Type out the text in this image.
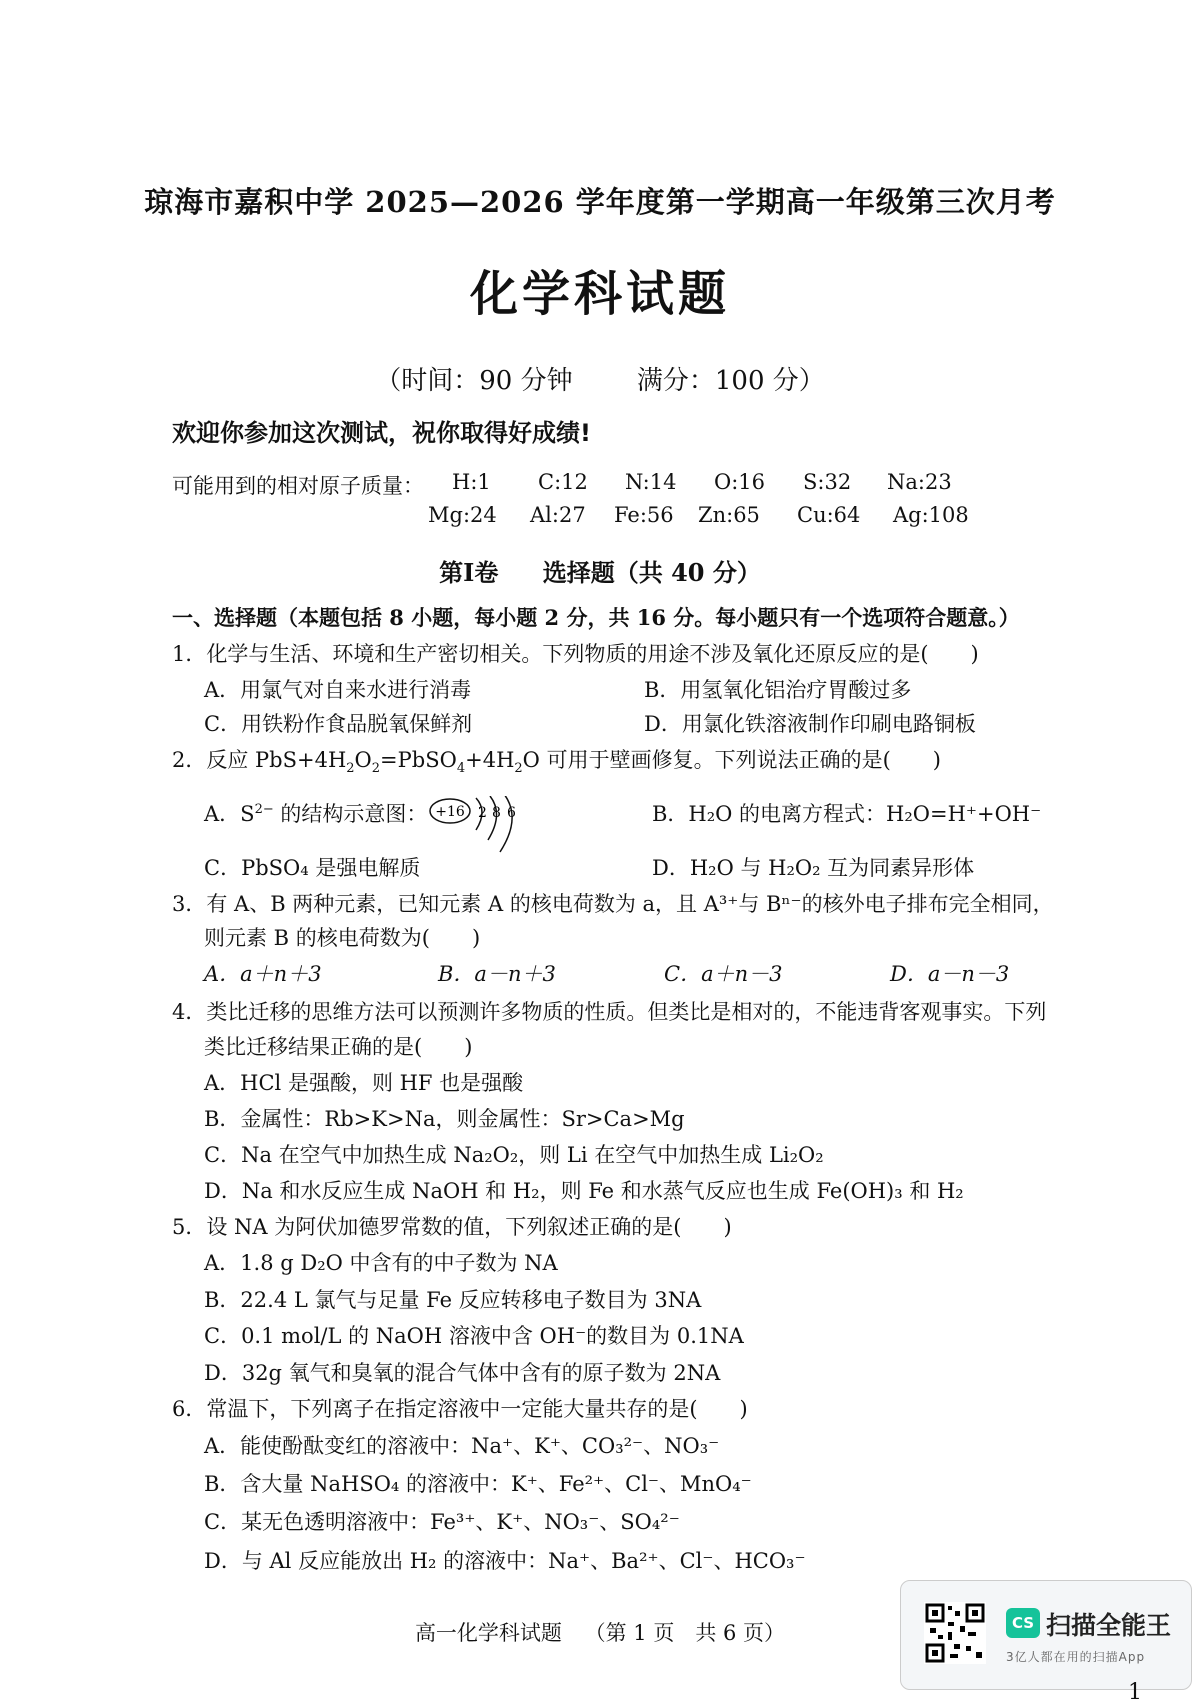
琼海市嘉积中学 2025—2026 学年度第一学期高一年级第三次月考
化学科试题
（时间：90 分钟 满分：100 分）
欢迎你参加这次测试，祝你取得好成绩!
可能用到的相对原子质量： H:1 C:12 N:14 O:16 S:32 Na:23
Mg:24 Al:27 Fe:56 Zn:65 Cu:64 Ag:108
第Ⅰ卷 选择题（共 40 分）
一、选择题（本题包括 8 小题，每小题 2 分，共 16 分。每小题只有一个选项符合题意。）
1．化学与生活、环境和生产密切相关。下列物质的用途不涉及氧化还原反应的是(　　)
A．用氯气对自来水进行消毒	B．用氢氧化铝治疗胃酸过多
C．用铁粉作食品脱氧保鲜剂	D．用氯化铁溶液制作印刷电路铜板
2．反应 $PbS+4H_2O_2=PbSO_4+4H_2O$ 可用于壁画修复。下列说法正确的是(　　)
A．$S^{2-}$ 的结构示意图： +16 2 8 6	B．H₂O 的电离方程式：H₂O=H⁺+OH⁻
C．PbSO₄ 是强电解质	D．H₂O 与 H₂O₂ 互为同素异形体
3．有 A、B 两种元素，已知元素 A 的核电荷数为 a，且 A³⁺与 Bⁿ⁻的核外电子排布完全相同，
则元素 B 的核电荷数为(　　)
A．a＋n＋3	B．a－n＋3	C．a＋n－3	D．a－n－3
4．类比迁移的思维方法可以预测许多物质的性质。但类比是相对的，不能违背客观事实。下列
类比迁移结果正确的是(　　)
A．HCl 是强酸，则 HF 也是强酸
B．金属性：Rb>K>Na，则金属性：Sr>Ca>Mg
C．Na 在空气中加热生成 Na₂O₂，则 Li 在空气中加热生成 Li₂O₂
D．Na 和水反应生成 NaOH 和 H₂，则 Fe 和水蒸气反应也生成 Fe(OH)₃ 和 H₂
5．设 NA 为阿伏加德罗常数的值，下列叙述正确的是(　　)
A．1.8 g D₂O 中含有的中子数为 NA
B．22.4 L 氯气与足量 Fe 反应转移电子数目为 3NA
C．0.1 mol/L 的 NaOH 溶液中含 OH⁻的数目为 0.1NA
D．32g 氧气和臭氧的混合气体中含有的原子数为 2NA
6．常温下，下列离子在指定溶液中一定能大量共存的是(　　)
A．能使酚酞变红的溶液中：Na⁺、K⁺、CO₃²⁻、NO₃⁻
B．含大量 NaHSO₄ 的溶液中：K⁺、Fe²⁺、Cl⁻、MnO₄⁻
C．某无色透明溶液中：Fe³⁺、K⁺、NO₃⁻、SO₄²⁻
D．与 Al 反应能放出 H₂ 的溶液中：Na⁺、Ba²⁺、Cl⁻、HCO₃⁻
高一化学科试题 （第 1 页　共 6 页）	CS 扫描全能王
3亿人都在用的扫描App
1
